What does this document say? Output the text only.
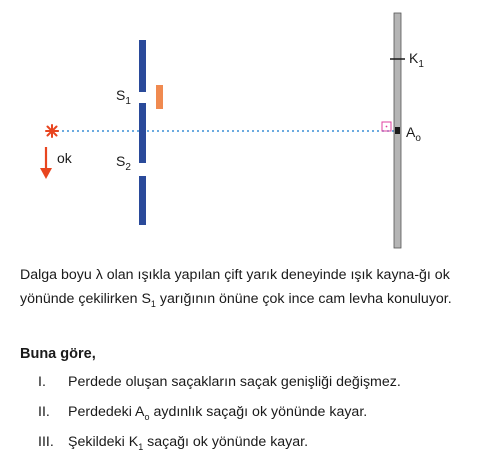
ok
$S_1$
$S_2$
$K_1$
$A_o$

Dalga boyu λ olan ışıkla yapılan çift yarık deneyinde ışık kayna-ğı ok yönünde çekilirken $S_1$ yarığının önüne çok ince cam levha konuluyor.

Buna göre,

I. Perdede oluşan saçakların saçak genişliği değişmez.

II. Perdedeki $A_o$ aydınlık saçağı ok yönünde kayar.

III. Şekildeki $K_1$ saçağı ok yönünde kayar.
